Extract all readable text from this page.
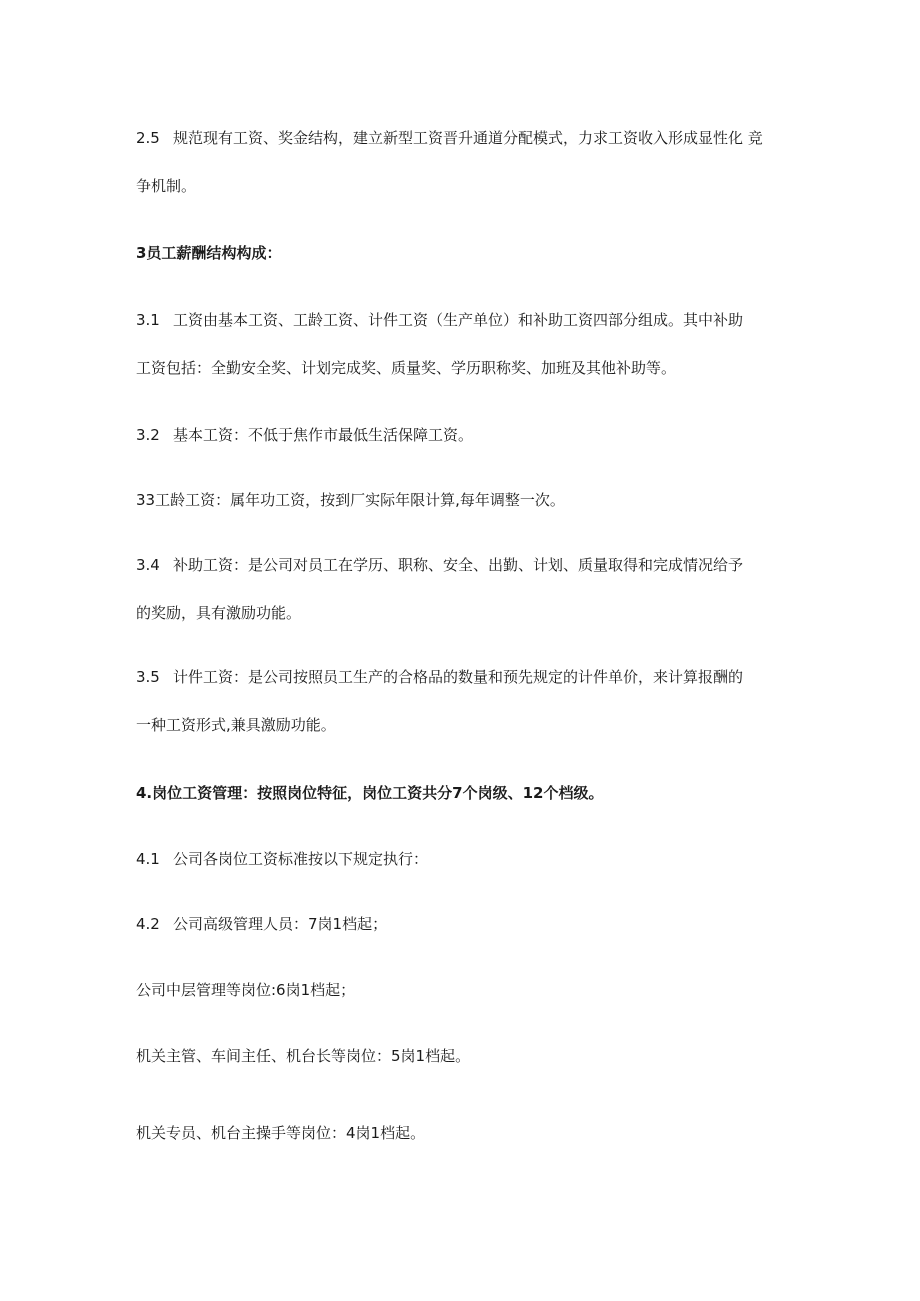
2.5 规范现有工资、奖金结构，建立新型工资晋升通道分配模式，力求工资收入形成显性化 竞
争机制。
3员工薪酬结构构成：
3.1 工资由基本工资、工龄工资、计件工资（生产单位）和补助工资四部分组成。其中补助
工资包括：全勤安全奖、计划完成奖、质量奖、学历职称奖、加班及其他补助等。
3.2 基本工资：不低于焦作市最低生活保障工资。
33工龄工资：属年功工资，按到厂实际年限计算,每年调整一次。
3.4 补助工资：是公司对员工在学历、职称、安全、出勤、计划、质量取得和完成情况给予
的奖励，具有激励功能。
3.5 计件工资：是公司按照员工生产的合格品的数量和预先规定的计件单价，来计算报酬的
一种工资形式,兼具激励功能。
4.岗位工资管理：按照岗位特征，岗位工资共分7个岗级、12个档级。
4.1 公司各岗位工资标准按以下规定执行：
4.2 公司高级管理人员：7岗1档起；
公司中层管理等岗位:6岗1档起；
机关主管、车间主任、机台长等岗位：5岗1档起。
机关专员、机台主操手等岗位：4岗1档起。
